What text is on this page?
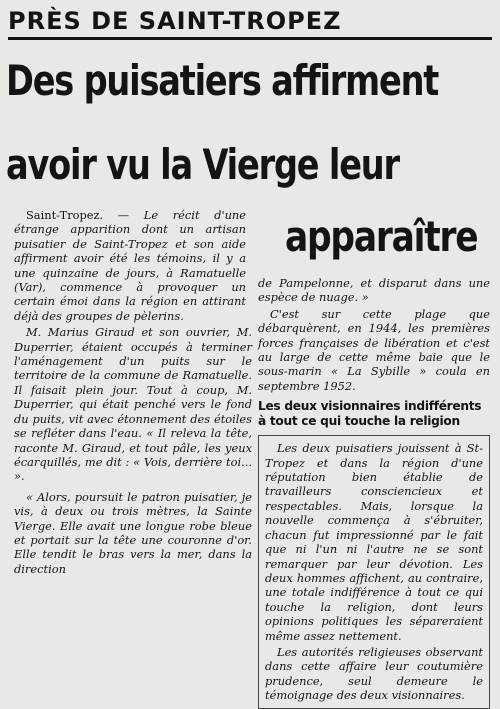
PRÈS DE SAINT-TROPEZ
Des puisatiers affirment
avoir vu la Vierge leur
apparaître

Saint-Tropez. — Le récit d'une étrange apparition dont un artisan puisatier de Saint-Tropez et son aide affirment avoir été les témoins, il y a une quinzaine de jours, à Ramatuelle (Var), commence à provoquer un certain émoi dans la région en attirant déjà des groupes de pèlerins.

M. Marius Giraud et son ouvrier, M. Duperrier, étaient occupés à terminer l'aménagement d'un puits sur le territoire de la commune de Ramatuelle. Il faisait plein jour. Tout à coup, M. Duperrier, qui était penché vers le fond du puits, vit avec étonnement des étoiles se refléter dans l'eau. « Il releva la tête, raconte M. Giraud, et tout pâle, les yeux écarquillés, me dit : « Vois, derrière toi... ».

« Alors, poursuit le patron puisatier, je vis, à deux ou trois mètres, la Sainte Vierge. Elle avait une longue robe bleue et portait sur la tête une couronne d'or. Elle tendit le bras vers la mer, dans la direction

de Pampelonne, et disparut dans une espèce de nuage. »

C'est sur cette plage que débarquèrent, en 1944, les premières forces françaises de libération et c'est au large de cette même baie que le sous-marin « La Sybille » coula en septembre 1952.

Les deux visionnaires indifférents à tout ce qui touche la religion

Les deux puisatiers jouissent à St-Tropez et dans la région d'une réputation bien établie de travailleurs consciencieux et respectables. Mais, lorsque la nouvelle commença à s'ébruiter, chacun fut impressionné par le fait que ni l'un ni l'autre ne se sont remarquer par leur dévotion. Les deux hommes affichent, au contraire, une totale indifférence à tout ce qui touche la religion, dont leurs opinions politiques les sépareraient même assez nettement.

Les autorités religieuses observant dans cette affaire leur coutumière prudence, seul demeure le témoignage des deux visionnaires.
